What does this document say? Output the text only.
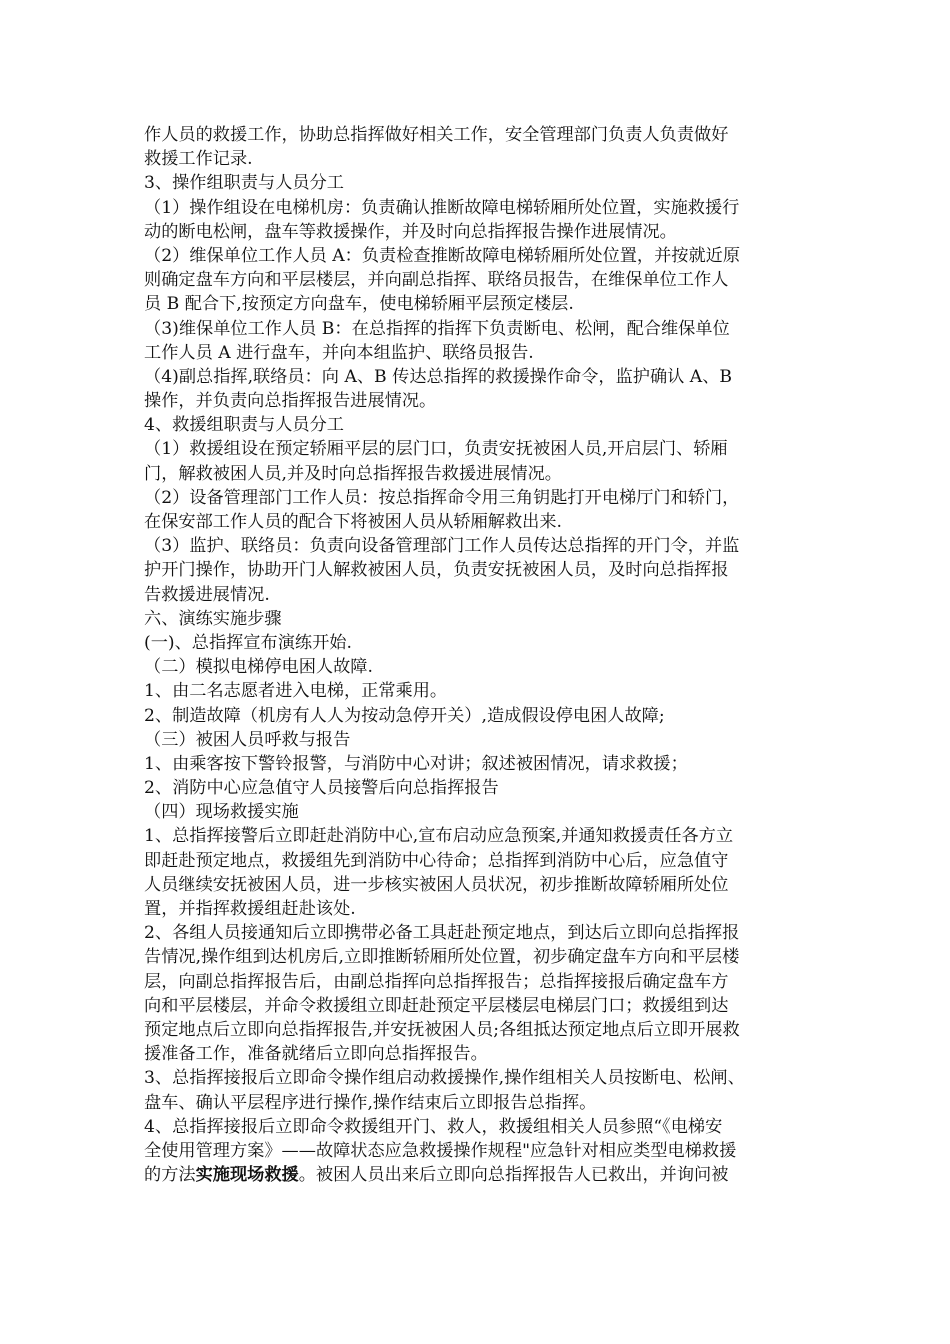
作人员的救援工作，协助总指挥做好相关工作，安全管理部门负责人负责做好
救援工作记录.
3、操作组职责与人员分工
（1）操作组设在电梯机房：负责确认推断故障电梯轿厢所处位置，实施救援行
动的断电松闸，盘车等救援操作，并及时向总指挥报告操作进展情况。
（2）维保单位工作人员 A：负责检查推断故障电梯轿厢所处位置，并按就近原
则确定盘车方向和平层楼层，并向副总指挥、联络员报告，在维保单位工作人
员 B 配合下,按预定方向盘车，使电梯轿厢平层预定楼层.
（3)维保单位工作人员 B：在总指挥的指挥下负责断电、松闸，配合维保单位
工作人员 A 进行盘车，并向本组监护、联络员报告.
（4)副总指挥,联络员：向 A、B 传达总指挥的救援操作命令，监护确认 A、B
操作，并负责向总指挥报告进展情况。
4、救援组职责与人员分工
（1）救援组设在预定轿厢平层的层门口，负责安抚被困人员,开启层门、轿厢
门，解救被困人员,并及时向总指挥报告救援进展情况。
（2）设备管理部门工作人员：按总指挥命令用三角钥匙打开电梯厅门和轿门，
在保安部工作人员的配合下将被困人员从轿厢解救出来.
（3）监护、联络员：负责向设备管理部门工作人员传达总指挥的开门令，并监
护开门操作，协助开门人解救被困人员，负责安抚被困人员，及时向总指挥报
告救援进展情况.
六、演练实施步骤
(一)、总指挥宣布演练开始.
（二）模拟电梯停电困人故障.
1、由二名志愿者进入电梯，正常乘用。
2、制造故障（机房有人人为按动急停开关）,造成假设停电困人故障;
（三）被困人员呼救与报告
1、由乘客按下警铃报警，与消防中心对讲；叙述被困情况，请求救援；
2、消防中心应急值守人员接警后向总指挥报告
（四）现场救援实施
1、总指挥接警后立即赶赴消防中心,宣布启动应急预案,并通知救援责任各方立
即赶赴预定地点，救援组先到消防中心待命；总指挥到消防中心后，应急值守
人员继续安抚被困人员，进一步核实被困人员状况，初步推断故障轿厢所处位
置，并指挥救援组赶赴该处.
2、各组人员接通知后立即携带必备工具赶赴预定地点，到达后立即向总指挥报
告情况,操作组到达机房后,立即推断轿厢所处位置，初步确定盘车方向和平层楼
层，向副总指挥报告后，由副总指挥向总指挥报告；总指挥接报后确定盘车方
向和平层楼层，并命令救援组立即赶赴预定平层楼层电梯层门口；救援组到达
预定地点后立即向总指挥报告,并安抚被困人员;各组抵达预定地点后立即开展救
援准备工作，准备就绪后立即向总指挥报告。
3、总指挥接报后立即命令操作组启动救援操作,操作组相关人员按断电、松闸、
盘车、确认平层程序进行操作,操作结束后立即报告总指挥。
4、总指挥接报后立即命令救援组开门、救人，救援组相关人员参照“《电梯安
全使用管理方案》——故障状态应急救援操作规程"应急针对相应类型电梯救援
的方法实施现场救援。被困人员出来后立即向总指挥报告人已救出，并询问被
